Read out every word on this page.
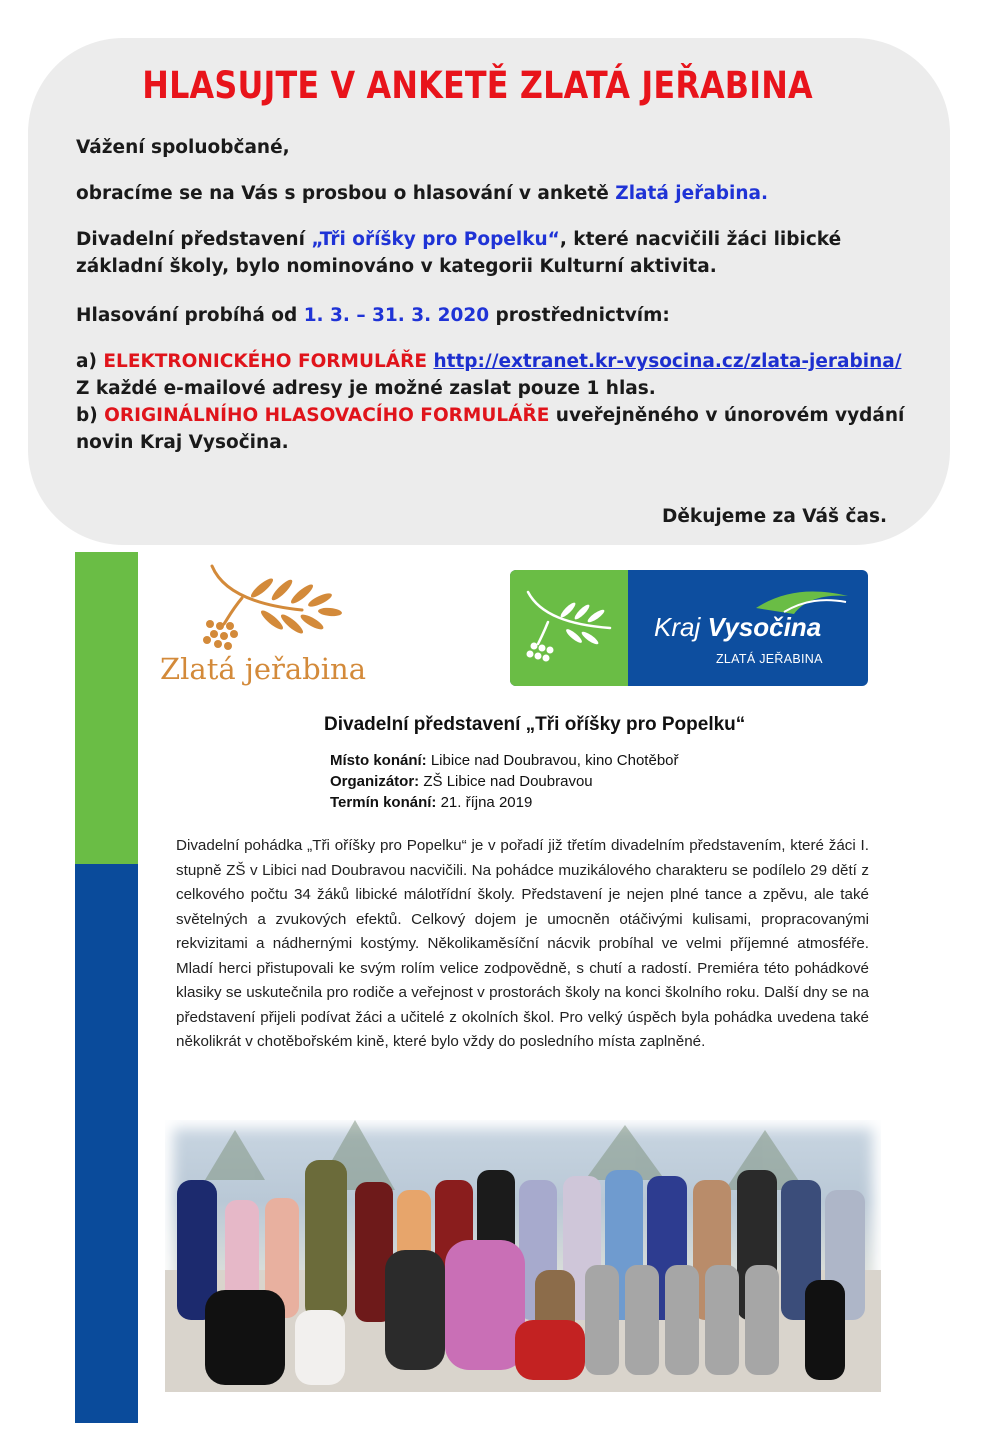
HLASUJTE V ANKETĚ ZLATÁ JEŘABINA
Vážení spoluobčané,
obracíme se na Vás s prosbou o hlasování v anketě Zlatá jeřabina.
Divadelní představení „Tři oříšky pro Popelku“, které nacvičili žáci libické základní školy, bylo nominováno v kategorii Kulturní aktivita.
Hlasování probíhá od 1. 3. – 31. 3. 2020 prostřednictvím:
a) ELEKTRONICKÉHO FORMULÁŘE http://extranet.kr-vysocina.cz/zlata-jerabina/
Z každé e-mailové adresy je možné zaslat pouze 1 hlas.
b) ORIGINÁLNÍHO HLASOVACÍHO FORMULÁŘE uveřejněného v únorovém vydání novin Kraj Vysočina.
Děkujeme za Váš čas.
Zlatá jeřabina
Kraj Vysočina
ZLATÁ JEŘABINA
Divadelní představení „Tři oříšky pro Popelku“
Místo konání: Libice nad Doubravou, kino Chotěboř
Organizátor: ZŠ Libice nad Doubravou
Termín konání: 21. října 2019
Divadelní pohádka „Tři oříšky pro Popelku“ je v pořadí již třetím divadelním představením, které žáci I. stupně ZŠ v Libici nad Doubravou nacvičili. Na pohádce muzikálového charakteru se podílelo 29 dětí z celkového počtu 34 žáků libické málotřídní školy. Představení je nejen plné tance a zpěvu, ale také světelných a zvukových efektů. Celkový dojem je umocněn otáčivými kulisami, propracovanými rekvizitami a nádhernými kostýmy. Několikaměsíční nácvik probíhal ve velmi příjemné atmosféře. Mladí herci přistupovali ke svým rolím velice zodpovědně, s chutí a radostí. Premiéra této pohádkové klasiky se uskutečnila pro rodiče a veřejnost v prostorách školy na konci školního roku. Další dny se na představení přijeli podívat žáci a učitelé z okolních škol. Pro velký úspěch byla pohádka uvedena také několikrát v chotěbořském kině, které bylo vždy do posledního místa zaplněné.
